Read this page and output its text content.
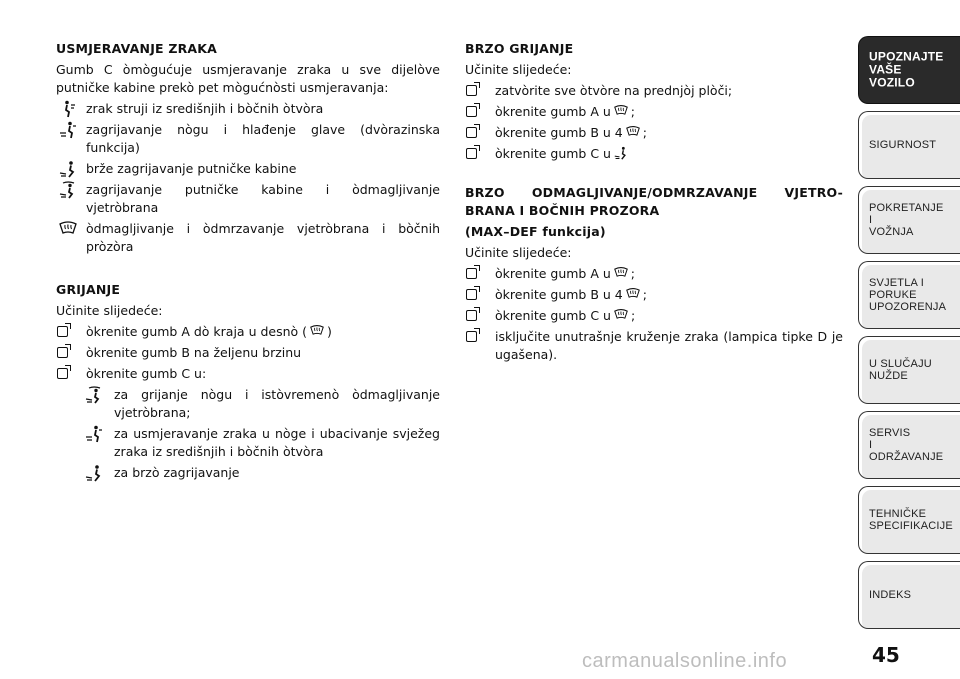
USMJERAVANJE ZRAKA
Gumb C òmògućuje usmjeravanje zraka u sve dijelòve putničke kabine prekò pet mògućnòsti usmjeravanja:
zrak struji iz središnjih i bòčnih òtvòra
zagrijavanje nògu i hlađenje glave (dvòrazinska funkcija)
brže zagrijavanje putničke kabine
zagrijavanje putničke kabine i òdmagljivanje vjetròbrana
òdmagljivanje i òdmrzavanje vjetròbrana i bòčnih pròzòra
GRIJANJE
Učinite slijedeće:
òkrenite gumb A dò kraja u desnò ( )
òkrenite gumb B na željenu brzinu
òkrenite gumb C u:
za grijanje nògu i istòvremenò òdmagljivanje vjetròbrana;
za usmjeravanje zraka u nòge i ubacivanje svježeg zraka iz središnjih i bòčnih òtvòra
za brzò zagrijavanje
BRZO GRIJANJE
Učinite slijedeće:
zatvòrite sve òtvòre na prednjòj plòči;
òkrenite gumb A u ;
òkrenite gumb B u 4 ;
òkrenite gumb C u
BRZO ODMAGLJIVANJE/ODMRZAVANJE VJETRO-
BRANA I BOČNIH PROZORA
(MAX–DEF funkcija)
Učinite slijedeće:
òkrenite gumb A u ;
òkrenite gumb B u 4 ;
òkrenite gumb C u ;
isključite unutrašnje kruženje zraka (lampica tipke D je ugašena).
UPOZNAJTE
VAŠE
VOZILO
SIGURNOST
POKRETANJE
I
VOŽNJA
SVJETLA I
PORUKE
UPOZORENJA
U SLUČAJU
NUŽDE
SERVIS
I
ODRŽAVANJE
TEHNIČKE
SPECIFIKACIJE
INDEKS
45
carmanualsonline.info
